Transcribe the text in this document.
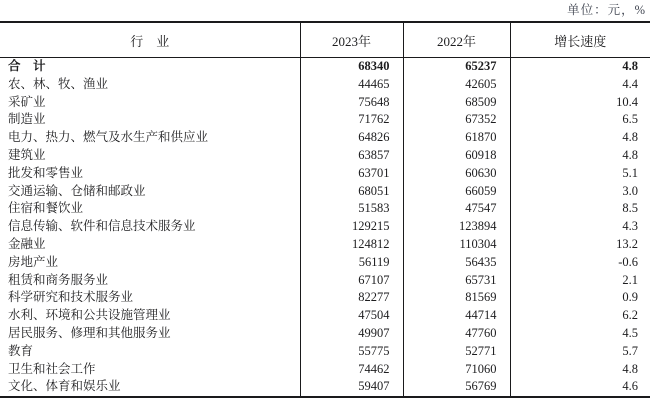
单位：元，%
行　业	2023年	2022年	增长速度
合　计	68340	65237	4.8
农、林、牧、渔业	44465	42605	4.4
采矿业	75648	68509	10.4
制造业	71762	67352	6.5
电力、热力、燃气及水生产和供应业	64826	61870	4.8
建筑业	63857	60918	4.8
批发和零售业	63701	60630	5.1
交通运输、仓储和邮政业	68051	66059	3.0
住宿和餐饮业	51583	47547	8.5
信息传输、软件和信息技术服务业	129215	123894	4.3
金融业	124812	110304	13.2
房地产业	56119	56435	-0.6
租赁和商务服务业	67107	65731	2.1
科学研究和技术服务业	82277	81569	0.9
水利、环境和公共设施管理业	47504	44714	6.2
居民服务、修理和其他服务业	49907	47760	4.5
教育	55775	52771	5.7
卫生和社会工作	74462	71060	4.8
文化、体育和娱乐业	59407	56769	4.6
